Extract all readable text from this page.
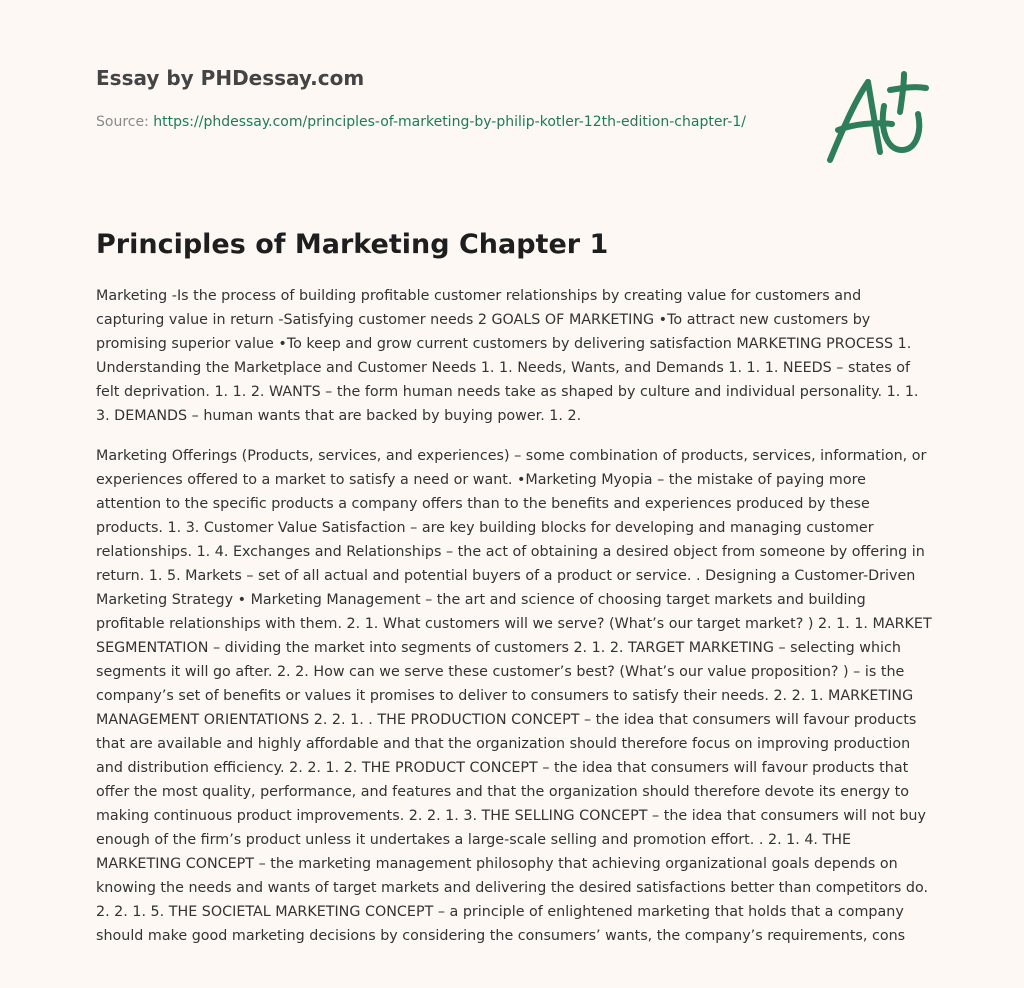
Essay by PHDessay.com
Source: https://phdessay.com/principles-of-marketing-by-philip-kotler-12th-edition-chapter-1/
Principles of Marketing Chapter 1

Marketing -Is the process of building profitable customer relationships by creating value for customers and capturing value in return -Satisfying customer needs 2 GOALS OF MARKETING •To attract new customers by promising superior value •To keep and grow current customers by delivering satisfaction MARKETING PROCESS 1. Understanding the Marketplace and Customer Needs 1. 1. Needs, Wants, and Demands 1. 1. 1. NEEDS – states of felt deprivation. 1. 1. 2. WANTS – the form human needs take as shaped by culture and individual personality. 1. 1. 3. DEMANDS – human wants that are backed by buying power. 1. 2.

Marketing Offerings (Products, services, and experiences) – some combination of products, services, information, or experiences offered to a market to satisfy a need or want. •Marketing Myopia – the mistake of paying more attention to the specific products a company offers than to the benefits and experiences produced by these products. 1. 3. Customer Value Satisfaction – are key building blocks for developing and managing customer relationships. 1. 4. Exchanges and Relationships – the act of obtaining a desired object from someone by offering in return. 1. 5. Markets – set of all actual and potential buyers of a product or service. . Designing a Customer-Driven Marketing Strategy • Marketing Management – the art and science of choosing target markets and building profitable relationships with them. 2. 1. What customers will we serve? (What’s our target market? ) 2. 1. 1. MARKET SEGMENTATION – dividing the market into segments of customers 2. 1. 2. TARGET MARKETING – selecting which segments it will go after. 2. 2. How can we serve these customer’s best? (What’s our value proposition? ) – is the company’s set of benefits or values it promises to deliver to consumers to satisfy their needs. 2. 2. 1. MARKETING MANAGEMENT ORIENTATIONS 2. 2. 1. . THE PRODUCTION CONCEPT – the idea that consumers will favour products that are available and highly affordable and that the organization should therefore focus on improving production and distribution efficiency. 2. 2. 1. 2. THE PRODUCT CONCEPT – the idea that consumers will favour products that offer the most quality, performance, and features and that the organization should therefore devote its energy to making continuous product improvements. 2. 2. 1. 3. THE SELLING CONCEPT – the idea that consumers will not buy enough of the firm’s product unless it undertakes a large-scale selling and promotion effort. . 2. 1. 4. THE MARKETING CONCEPT – the marketing management philosophy that achieving organizational goals depends on knowing the needs and wants of target markets and delivering the desired satisfactions better than competitors do. 2. 2. 1. 5. THE SOCIETAL MARKETING CONCEPT – a principle of enlightened marketing that holds that a company should make good marketing decisions by considering the consumers’ wants, the company’s requirements, cons
